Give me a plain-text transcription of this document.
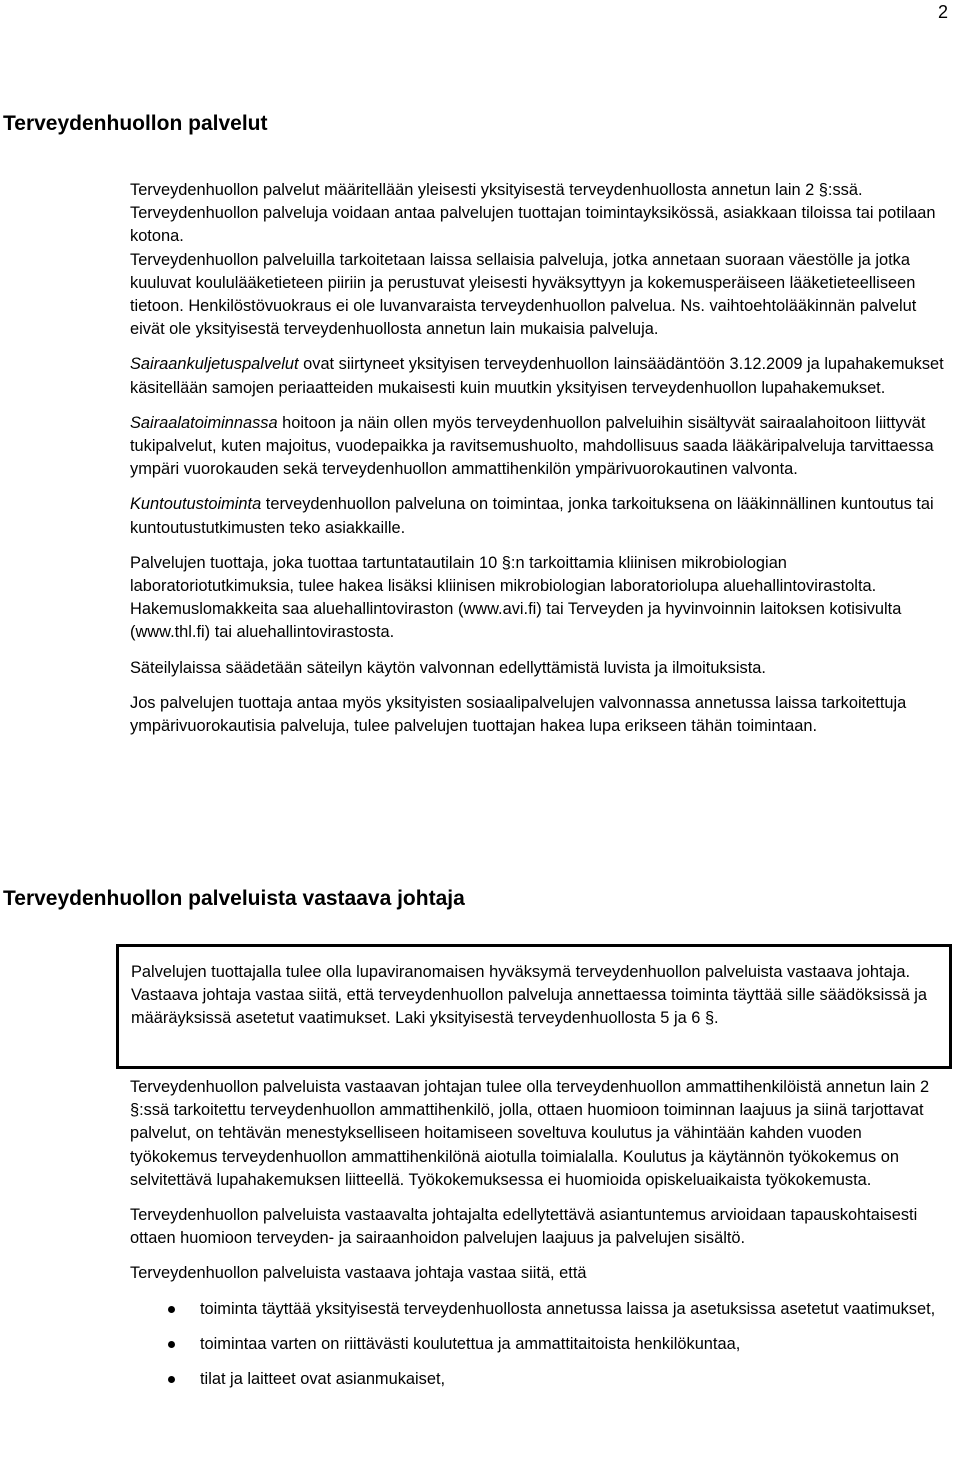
2
Terveydenhuollon palvelut

Terveydenhuollon palvelut määritellään yleisesti yksityisestä terveydenhuollosta annetun lain 2 §:ssä. Terveydenhuollon palveluja voidaan antaa palvelujen tuottajan toimintayksikössä, asiakkaan tiloissa tai potilaan kotona.

Terveydenhuollon palveluilla tarkoitetaan laissa sellaisia palveluja, jotka annetaan suoraan väestölle ja jotka kuuluvat koululääketieteen piiriin ja perustuvat yleisesti hyväksyttyyn ja kokemusperäiseen lääketieteelliseen tietoon. Henkilöstövuokraus ei ole luvanvaraista terveydenhuollon palvelua. Ns. vaihtoehtolääkinnän palvelut eivät ole yksityisestä terveydenhuollosta annetun lain mukaisia palveluja.

Sairaankuljetuspalvelut ovat siirtyneet yksityisen terveydenhuollon lainsäädäntöön 3.12.2009 ja lupahakemukset käsitellään samojen periaatteiden mukaisesti kuin muutkin yksityisen terveydenhuollon lupahakemukset.

Sairaalatoiminnassa hoitoon ja näin ollen myös terveydenhuollon palveluihin sisältyvät sairaalahoitoon liittyvät tukipalvelut, kuten majoitus, vuodepaikka ja ravitsemushuolto, mahdollisuus saada lääkäripalveluja tarvittaessa ympäri vuorokauden sekä terveydenhuollon ammattihenkilön ympärivuorokautinen valvonta.

Kuntoutustoiminta terveydenhuollon palveluna on toimintaa, jonka tarkoituksena on lääkinnällinen kuntoutus tai kuntoutustutkimusten teko asiakkaille.

Palvelujen tuottaja, joka tuottaa tartuntatautilain 10 §:n tarkoittamia kliinisen mikrobiologian laboratoriotutkimuksia, tulee hakea lisäksi kliinisen mikrobiologian laboratoriolupa aluehallintovirastolta. Hakemuslomakkeita saa aluehallintoviraston (www.avi.fi) tai Terveyden ja hyvinvoinnin laitoksen kotisivulta (www.thl.fi) tai aluehallintovirastosta.

Säteilylaissa säädetään säteilyn käytön valvonnan edellyttämistä luvista ja ilmoituksista.

Jos palvelujen tuottaja antaa myös yksityisten sosiaalipalvelujen valvonnassa annetussa laissa tarkoitettuja ympärivuorokautisia palveluja, tulee palvelujen tuottajan hakea lupa erikseen tähän toimintaan.

Terveydenhuollon palveluista vastaava johtaja

Palvelujen tuottajalla tulee olla lupaviranomaisen hyväksymä terveydenhuollon palveluista vastaava johtaja. Vastaava johtaja vastaa siitä, että terveydenhuollon palveluja annettaessa toiminta täyttää sille säädöksissä ja määräyksissä asetetut vaatimukset. Laki yksityisestä terveydenhuollosta 5 ja 6 §.

Terveydenhuollon palveluista vastaavan johtajan tulee olla terveydenhuollon ammattihenkilöistä annetun lain 2 §:ssä tarkoitettu terveydenhuollon ammattihenkilö, jolla, ottaen huomioon toiminnan laajuus ja siinä tarjottavat palvelut, on tehtävän menestykselliseen hoitamiseen soveltuva koulutus ja vähintään kahden vuoden työkokemus terveydenhuollon ammattihenkilönä aiotulla toimialalla. Koulutus ja käytännön työkokemus on selvitettävä lupahakemuksen liitteellä. Työkokemuksessa ei huomioida opiskeluaikaista työkokemusta.

Terveydenhuollon palveluista vastaavalta johtajalta edellytettävä asiantuntemus arvioidaan tapauskohtaisesti ottaen huomioon terveyden- ja sairaanhoidon palvelujen laajuus ja palvelujen sisältö.

Terveydenhuollon palveluista vastaava johtaja vastaa siitä, että

toiminta täyttää yksityisestä terveydenhuollosta annetussa laissa ja asetuksissa asetetut vaatimukset,
toimintaa varten on riittävästi koulutettua ja ammattitaitoista henkilökuntaa,
tilat ja laitteet ovat asianmukaiset,
